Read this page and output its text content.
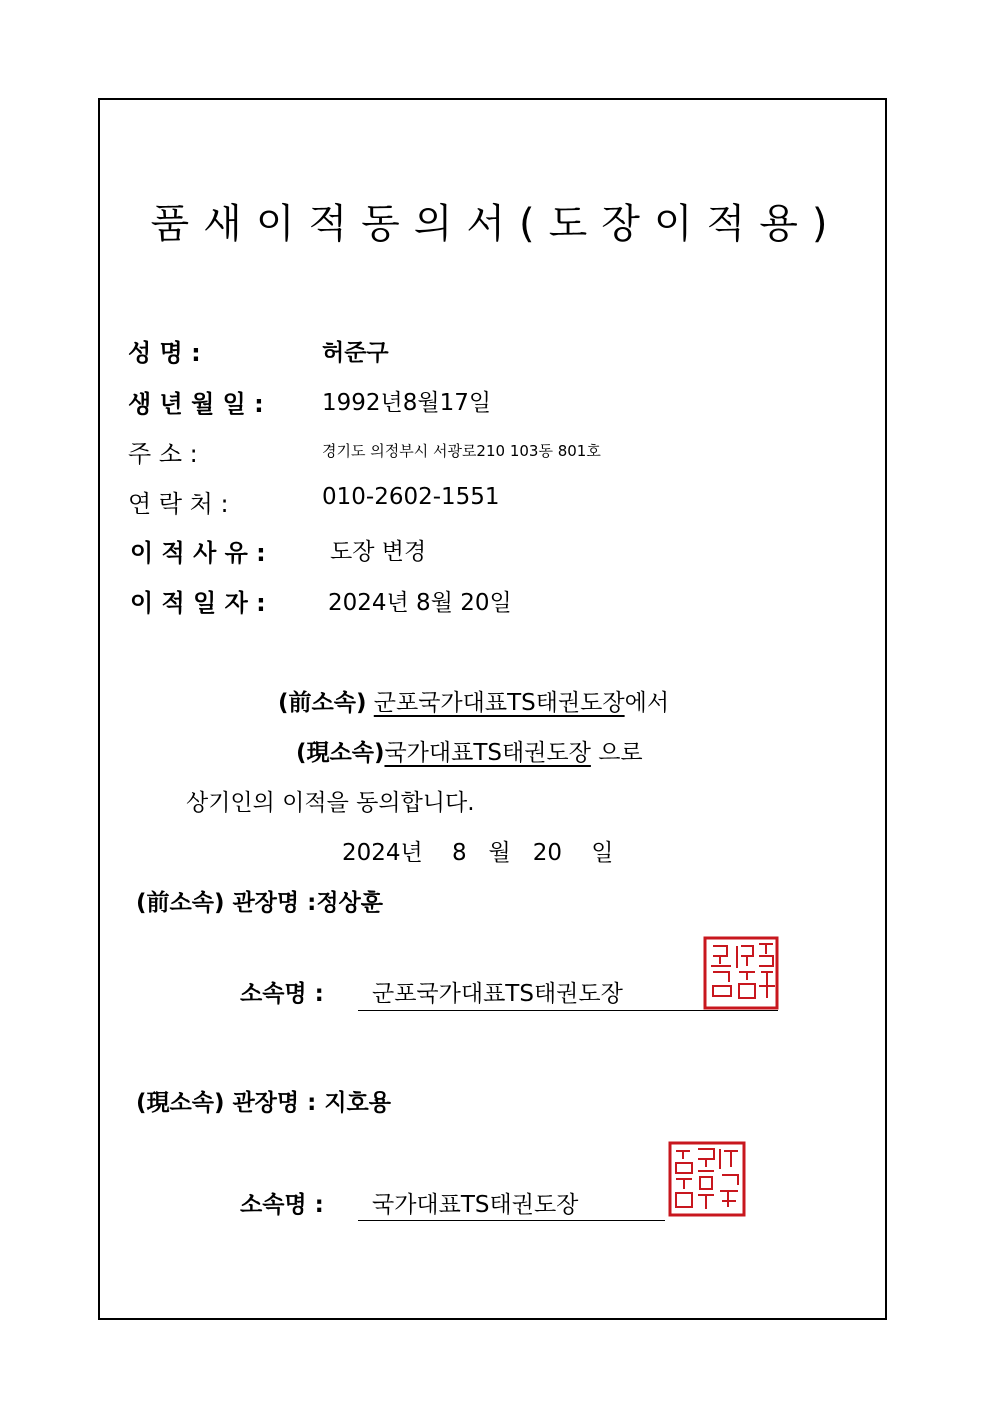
품새이적동의서(도장이적용)
성 명 :	허준구
생 년 월 일 :	1992년8월17일
주 소 :	경기도 의정부시 서광로210 103동 801호
연 락 처 :	010-2602-1551
이 적 사 유 :	도장 변경
이 적 일 자 :	2024년 8월 20일
(前소속) 군포국가대표TS태권도장에서
(現소속)국가대표TS태권도장 으로
상기인의 이적을 동의합니다.
2024년    8   월   20    일
(前소속) 관장명 :정상훈
소속명 : 군포국가대표TS태권도장
(現소속) 관장명 : 지호용
소속명 : 국가대표TS태권도장
